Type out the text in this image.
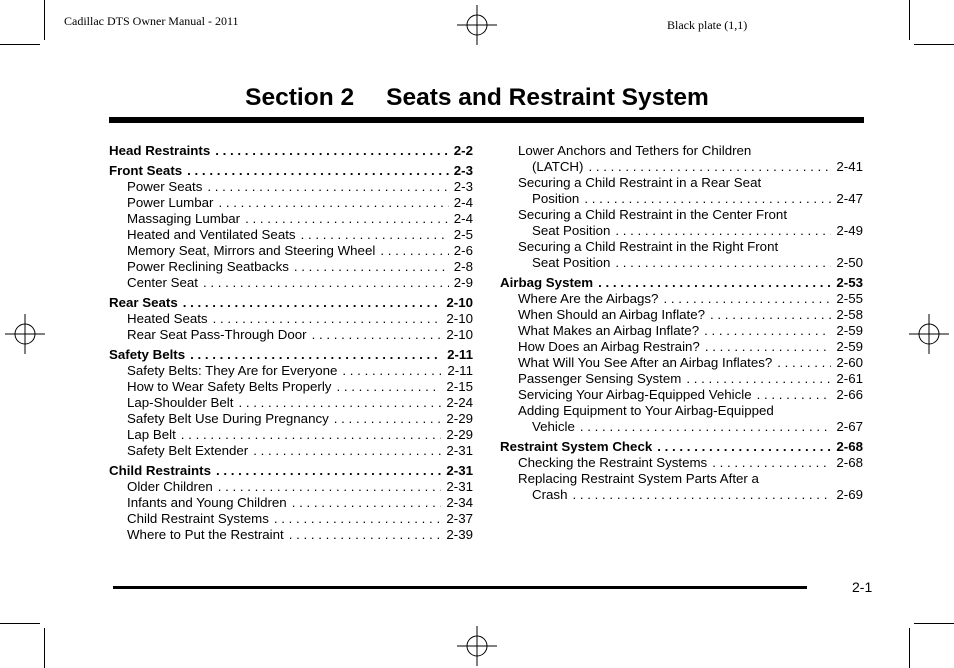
Cadillac DTS Owner Manual - 2011	Black plate (1,1)
Section 2 Seats and Restraint System
Head Restraints . . .	2-2
Front Seats . . .	2-3
Power Seats . . .	2-3
Power Lumbar . . .	2-4
Massaging Lumbar . . .	2-4
Heated and Ventilated Seats . . .	2-5
Memory Seat, Mirrors and Steering Wheel . . .	2-6
Power Reclining Seatbacks . . .	2-8
Center Seat . . .	2-9
Rear Seats . . .	2-10
Heated Seats . . .	2-10
Rear Seat Pass-Through Door . . .	2-10
Safety Belts . . .	2-11
Safety Belts: They Are for Everyone . . .	2-11
How to Wear Safety Belts Properly . . .	2-15
Lap-Shoulder Belt . . .	2-24
Safety Belt Use During Pregnancy . . .	2-29
Lap Belt . . .	2-29
Safety Belt Extender . . .	2-31
Child Restraints . . .	2-31
Older Children . . .	2-31
Infants and Young Children . . .	2-34
Child Restraint Systems . . .	2-37
Where to Put the Restraint . . .	2-39
Lower Anchors and Tethers for Children
(LATCH) . . .	2-41
Securing a Child Restraint in a Rear Seat
Position . . .	2-47
Securing a Child Restraint in the Center Front
Seat Position . . .	2-49
Securing a Child Restraint in the Right Front
Seat Position . . .	2-50
Airbag System . . .	2-53
Where Are the Airbags? . . .	2-55
When Should an Airbag Inflate? . . .	2-58
What Makes an Airbag Inflate? . . .	2-59
How Does an Airbag Restrain? . . .	2-59
What Will You See After an Airbag Inflates? . . .	2-60
Passenger Sensing System . . .	2-61
Servicing Your Airbag-Equipped Vehicle . . .	2-66
Adding Equipment to Your Airbag-Equipped
Vehicle . . .	2-67
Restraint System Check . . .	2-68
Checking the Restraint Systems . . .	2-68
Replacing Restraint System Parts After a
Crash . . .	2-69
2-1
